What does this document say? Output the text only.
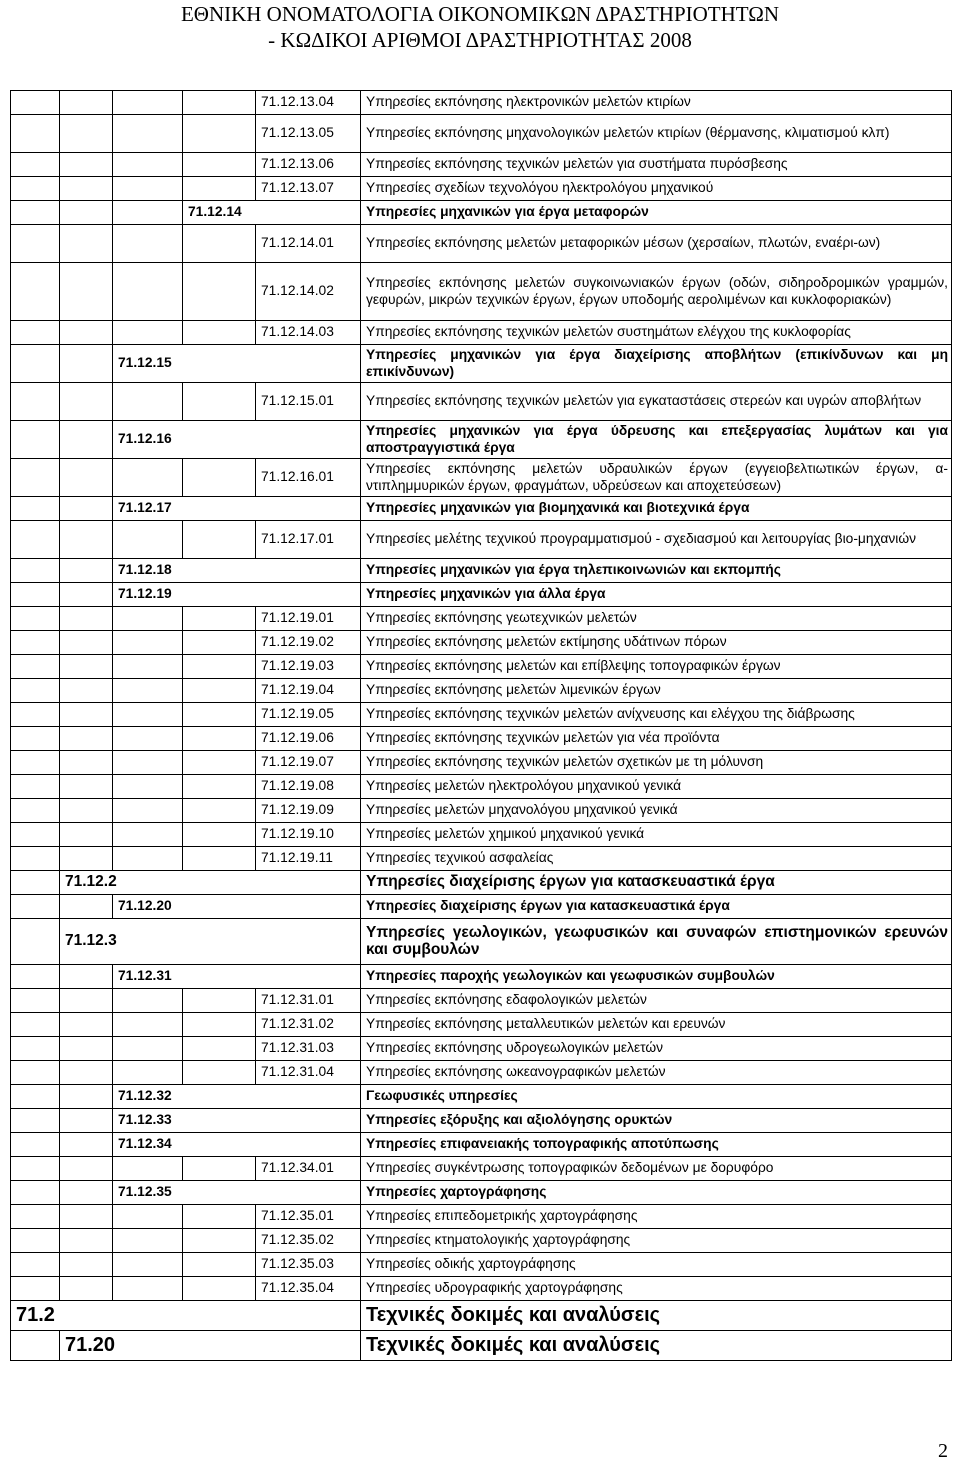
ΕΘΝΙΚΗ ΟΝΟΜΑΤΟΛΟΓΙΑ ΟΙΚΟΝΟΜΙΚΩΝ ΔΡΑΣΤΗΡΙΟΤΗΤΩΝ
- ΚΩΔΙΚΟΙ ΑΡΙΘΜΟΙ ΔΡΑΣΤΗΡΙΟΤΗΤΑΣ 2008
				71.12.13.04	Υπηρεσίες εκπόνησης ηλεκτρονικών μελετών κτιρίων
				71.12.13.05	Υπηρεσίες εκπόνησης μηχανολογικών μελετών κτιρίων (θέρμανσης, κλιματισμού κλπ)
				71.12.13.06	Υπηρεσίες εκπόνησης τεχνικών μελετών για συστήματα πυρόσβεσης
				71.12.13.07	Υπηρεσίες σχεδίων τεχνολόγου ηλεκτρολόγου μηχανικού
			71.12.14		Υπηρεσίες μηχανικών για έργα μεταφορών
				71.12.14.01	Υπηρεσίες εκπόνησης μελετών μεταφορικών μέσων (χερσαίων, πλωτών, εναέρι-ων)
				71.12.14.02	Υπηρεσίες εκπόνησης μελετών συγκοινωνιακών έργων (οδών, σιδηροδρομικών γραμμών, γεφυρών, μικρών τεχνικών έργων, έργων υποδομής αερολιμένων και κυκλοφοριακών)
				71.12.14.03	Υπηρεσίες εκπόνησης τεχνικών μελετών συστημάτων ελέγχου της κυκλοφορίας
		71.12.15			Υπηρεσίες μηχανικών για έργα διαχείρισης αποβλήτων (επικίνδυνων και μη επικίνδυνων)
				71.12.15.01	Υπηρεσίες εκπόνησης τεχνικών μελετών για εγκαταστάσεις στερεών και υγρών αποβλήτων
		71.12.16			Υπηρεσίες μηχανικών για έργα ύδρευσης και επεξεργασίας λυμάτων και για αποστραγγιστικά έργα
				71.12.16.01	Υπηρεσίες εκπόνησης μελετών υδραυλικών έργων (εγγειοβελτιωτικών έργων, α-ντιπλημμυρικών έργων, φραγμάτων, υδρεύσεων και αποχετεύσεων)
		71.12.17			Υπηρεσίες μηχανικών για βιομηχανικά και βιοτεχνικά έργα
				71.12.17.01	Υπηρεσίες μελέτης τεχνικού προγραμματισμού - σχεδιασμού και λειτουργίας βιο-μηχανιών
		71.12.18			Υπηρεσίες μηχανικών για έργα τηλεπικοινωνιών και εκπομπής
		71.12.19			Υπηρεσίες μηχανικών για άλλα έργα
				71.12.19.01	Υπηρεσίες εκπόνησης γεωτεχνικών μελετών
				71.12.19.02	Υπηρεσίες εκπόνησης μελετών εκτίμησης υδάτινων πόρων
				71.12.19.03	Υπηρεσίες εκπόνησης μελετών και επίβλεψης τοπογραφικών έργων
				71.12.19.04	Υπηρεσίες εκπόνησης μελετών λιμενικών έργων
				71.12.19.05	Υπηρεσίες εκπόνησης τεχνικών μελετών ανίχνευσης και ελέγχου της διάβρωσης
				71.12.19.06	Υπηρεσίες εκπόνησης τεχνικών μελετών για νέα προϊόντα
				71.12.19.07	Υπηρεσίες εκπόνησης τεχνικών μελετών σχετικών με τη μόλυνση
				71.12.19.08	Υπηρεσίες μελετών ηλεκτρολόγου μηχανικού γενικά
				71.12.19.09	Υπηρεσίες μελετών μηχανολόγου μηχανικού γενικά
				71.12.19.10	Υπηρεσίες μελετών χημικού μηχανικού γενικά
				71.12.19.11	Υπηρεσίες τεχνικού ασφαλείας
	71.12.2				Υπηρεσίες διαχείρισης έργων για κατασκευαστικά έργα
		71.12.20			Υπηρεσίες διαχείρισης έργων για κατασκευαστικά έργα
	71.12.3				Υπηρεσίες γεωλογικών, γεωφυσικών και συναφών επιστημονικών ερευνών και συμβουλών
		71.12.31			Υπηρεσίες παροχής γεωλογικών και γεωφυσικών συμβουλών
				71.12.31.01	Υπηρεσίες εκπόνησης εδαφολογικών μελετών
				71.12.31.02	Υπηρεσίες εκπόνησης μεταλλευτικών μελετών και ερευνών
				71.12.31.03	Υπηρεσίες εκπόνησης υδρογεωλογικών μελετών
				71.12.31.04	Υπηρεσίες εκπόνησης ωκεανογραφικών μελετών
		71.12.32			Γεωφυσικές υπηρεσίες
		71.12.33			Υπηρεσίες εξόρυξης και αξιολόγησης ορυκτών
		71.12.34			Υπηρεσίες επιφανειακής τοπογραφικής αποτύπωσης
				71.12.34.01	Υπηρεσίες συγκέντρωσης τοπογραφικών δεδομένων με δορυφόρο
		71.12.35			Υπηρεσίες χαρτογράφησης
				71.12.35.01	Υπηρεσίες επιπεδομετρικής χαρτογράφησης
				71.12.35.02	Υπηρεσίες κτηματολογικής χαρτογράφησης
				71.12.35.03	Υπηρεσίες οδικής χαρτογράφησης
				71.12.35.04	Υπηρεσίες υδρογραφικής χαρτογράφησης
71.2					Τεχνικές δοκιμές και αναλύσεις
	71.20				Τεχνικές δοκιμές και αναλύσεις
2
